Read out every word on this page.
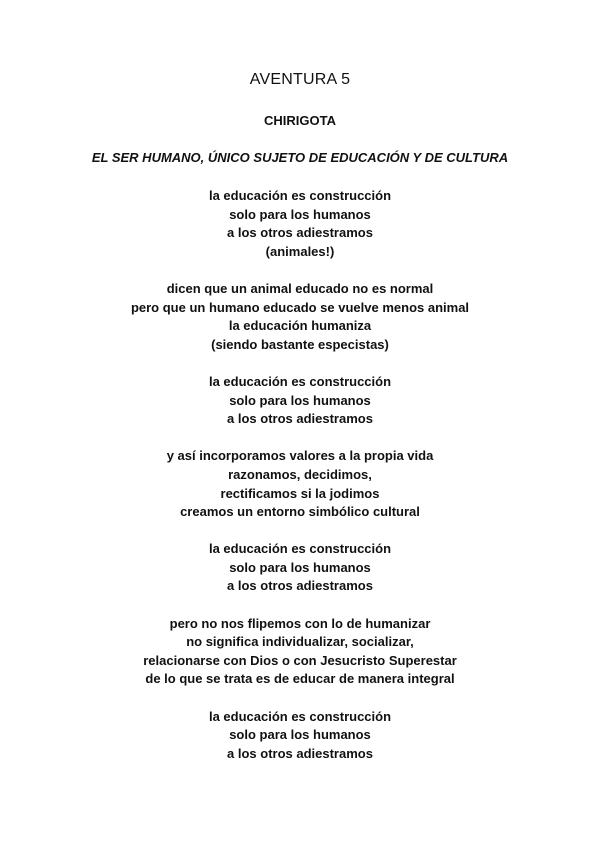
AVENTURA 5
CHIRIGOTA
EL SER HUMANO, ÚNICO SUJETO DE EDUCACIÓN Y DE CULTURA
la educación es construcción
solo para los humanos
a los otros adiestramos
(animales!)
dicen que un animal educado no es normal
pero que un humano educado se vuelve menos animal
la educación humaniza
(siendo bastante especistas)
la educación es construcción
solo para los humanos
a los otros adiestramos
y así incorporamos valores a la propia vida
razonamos, decidimos,
rectificamos si la jodimos
creamos un entorno simbólico cultural
la educación es construcción
solo para los humanos
a los otros adiestramos
pero no nos flipemos con lo de humanizar
no significa individualizar, socializar,
relacionarse con Dios o con Jesucristo Superestar
de lo que se trata es de educar de manera integral
la educación es construcción
solo para los humanos
a los otros adiestramos
